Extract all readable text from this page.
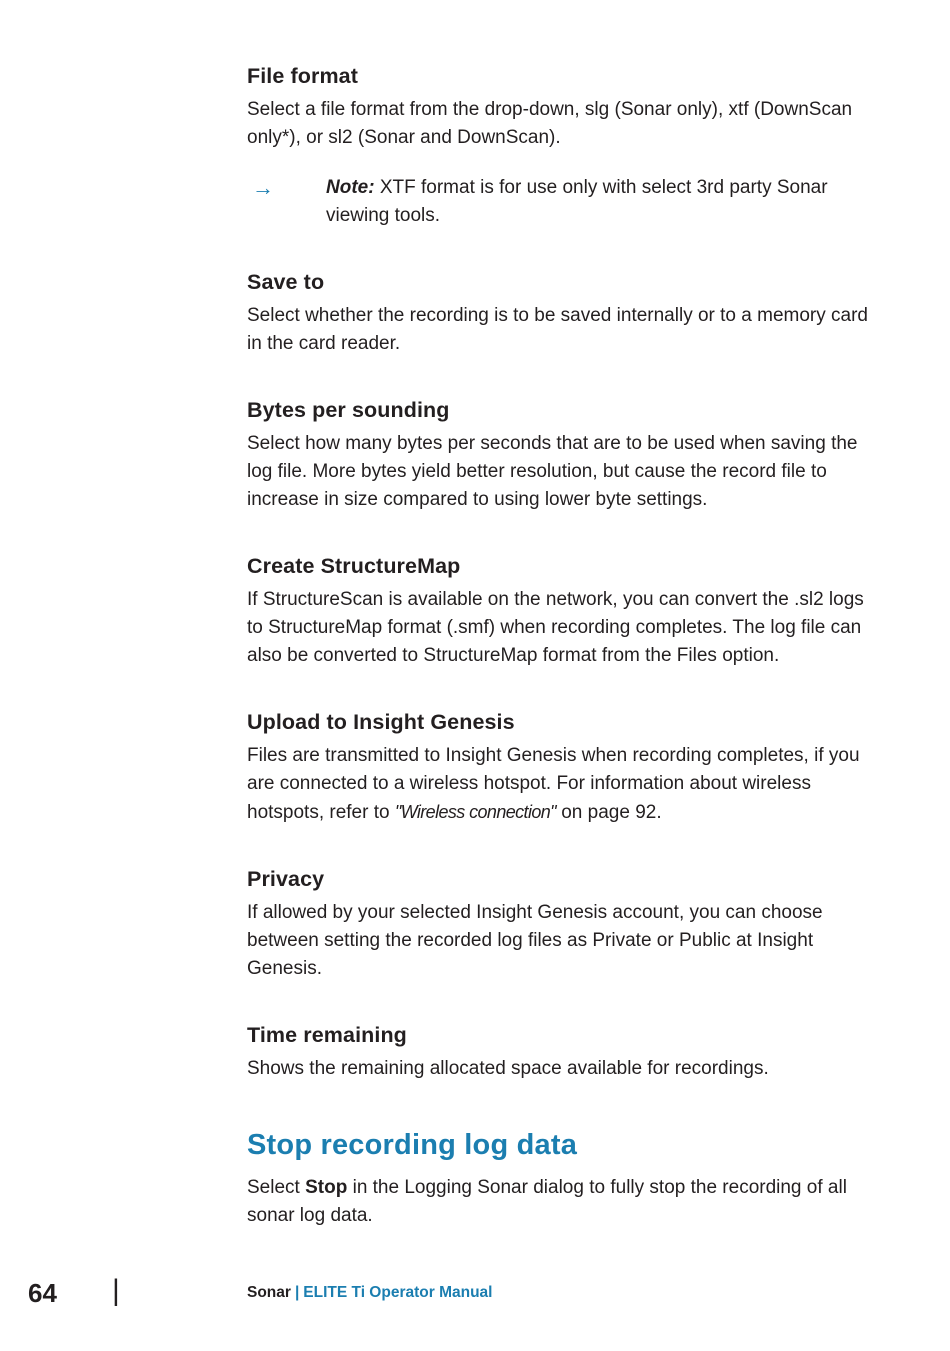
File format

Select a file format from the drop-down, slg (Sonar only), xtf (DownScan only*), or sl2 (Sonar and DownScan).

→	Note: XTF format is for use only with select 3rd party Sonar viewing tools.
Save to

Select whether the recording is to be saved internally or to a memory card in the card reader.

Bytes per sounding

Select how many bytes per seconds that are to be used when saving the log file. More bytes yield better resolution, but cause the record file to increase in size compared to using lower byte settings.

Create StructureMap

If StructureScan is available on the network, you can convert the .sl2 logs to StructureMap format (.smf) when recording completes. The log file can also be converted to StructureMap format from the Files option.

Upload to Insight Genesis

Files are transmitted to Insight Genesis when recording completes, if you are connected to a wireless hotspot. For information about wireless hotspots, refer to "Wireless connection" on page 92.

Privacy

If allowed by your selected Insight Genesis account, you can choose between setting the recorded log files as Private or Public at Insight Genesis.

Time remaining

Shows the remaining allocated space available for recordings.

Stop recording log data

Select Stop in the Logging Sonar dialog to fully stop the recording of all sonar log data.

64 |	Sonar | ELITE Ti Operator Manual
